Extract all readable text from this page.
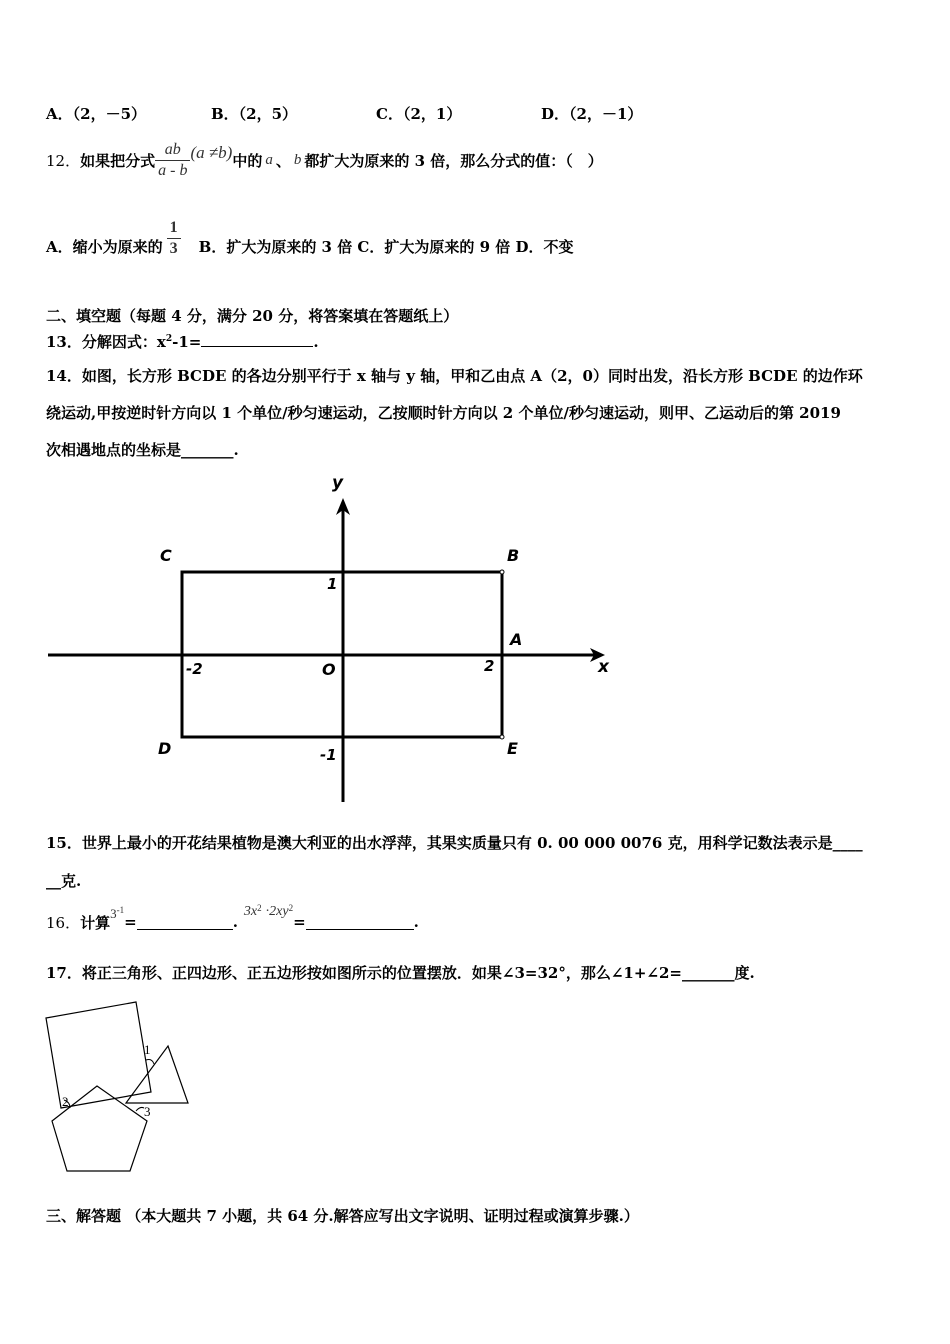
A．（2，－5）	B．（2，5）	C．（2，1）	D．（2，－1）
12． 如果把分式 $\frac{ab}{a - b} (a \ne b)$ 中的 a 、 b 都扩大为原来的 3 倍，那么分式的值：（　）
A．缩小为原来的 $\frac{1}{3}$ B．扩大为原来的 3 倍 C．扩大为原来的 9 倍 D．不变
二、填空题（每题 4 分，满分 20 分，将答案填在答题纸上）
13．分解因式：$x^2-1=$	.
14．如图，长方形 BCDE 的各边分别平行于 x 轴与 y 轴，甲和乙由点 A（2，0）同时出发，沿长方形 BCDE 的边作环
绕运动,甲按逆时针方向以 1 个单位/秒匀速运动，乙按顺时针方向以 2 个单位/秒匀速运动，则甲、乙运动后的第 2019
次相遇地点的坐标是_______.
y
x
C	B
A
D	E
O
1
-1
2
-2
15．世界上最小的开花结果植物是澳大利亚的出水浮萍，其果实质量只有 0. 00 000 0076 克，用科学记数法表示是____
__克.
16． 计算 $3^{-1}$
=	.
$3x^2 \cdot 2xy^2$
=	.
17．将正三角形、正四边形、正五边形按如图所示的位置摆放．如果∠3=32°，那么∠1+∠2=_______度.
1
2
3
三、解答题 （本大题共 7 小题，共 64 分.解答应写出文字说明、证明过程或演算步骤.）
